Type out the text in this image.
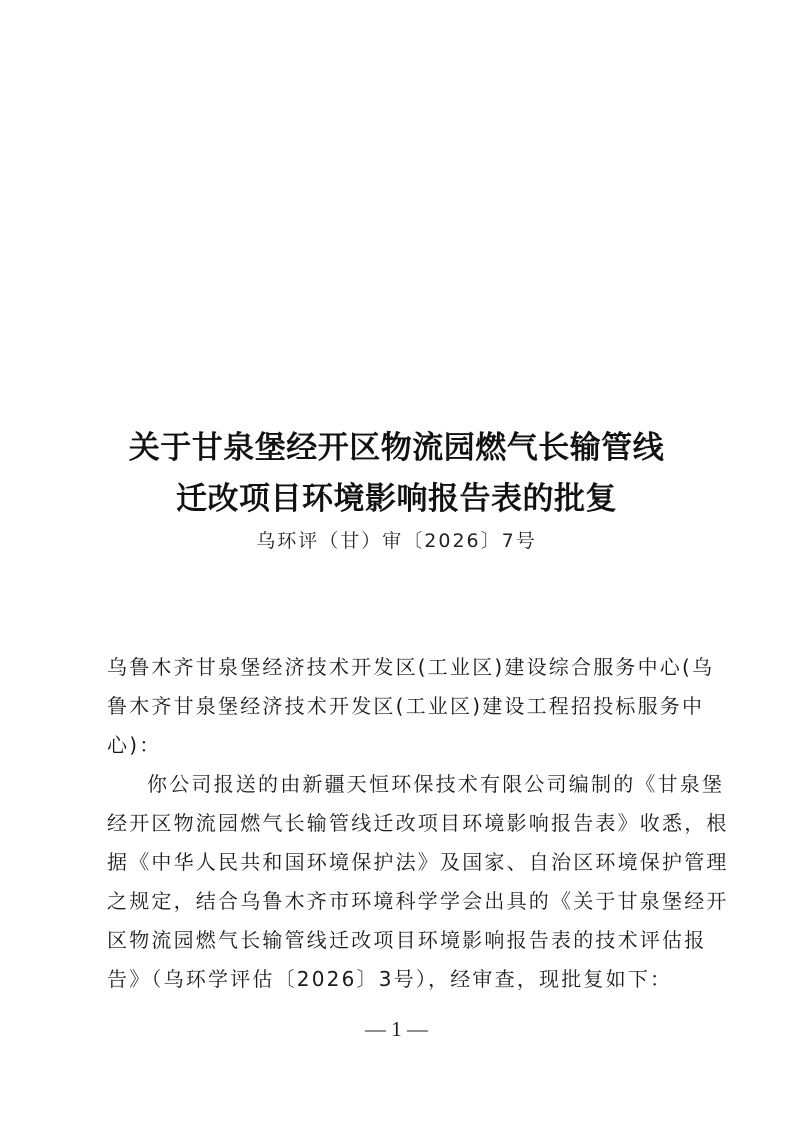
关于甘泉堡经开区物流园燃气长输管线
迁改项目环境影响报告表的批复
乌环评（甘）审〔2026〕7号
乌鲁木齐甘泉堡经济技术开发区(工业区)建设综合服务中心(乌
鲁木齐甘泉堡经济技术开发区(工业区)建设工程招投标服务中
心)：
你公司报送的由新疆天恒环保技术有限公司编制的《甘泉堡
经开区物流园燃气长输管线迁改项目环境影响报告表》收悉，根
据《中华人民共和国环境保护法》及国家、自治区环境保护管理
之规定，结合乌鲁木齐市环境科学学会出具的《关于甘泉堡经开
区物流园燃气长输管线迁改项目环境影响报告表的技术评估报
告》（乌环学评估〔2026〕3号），经审查，现批复如下：
— 1 —
